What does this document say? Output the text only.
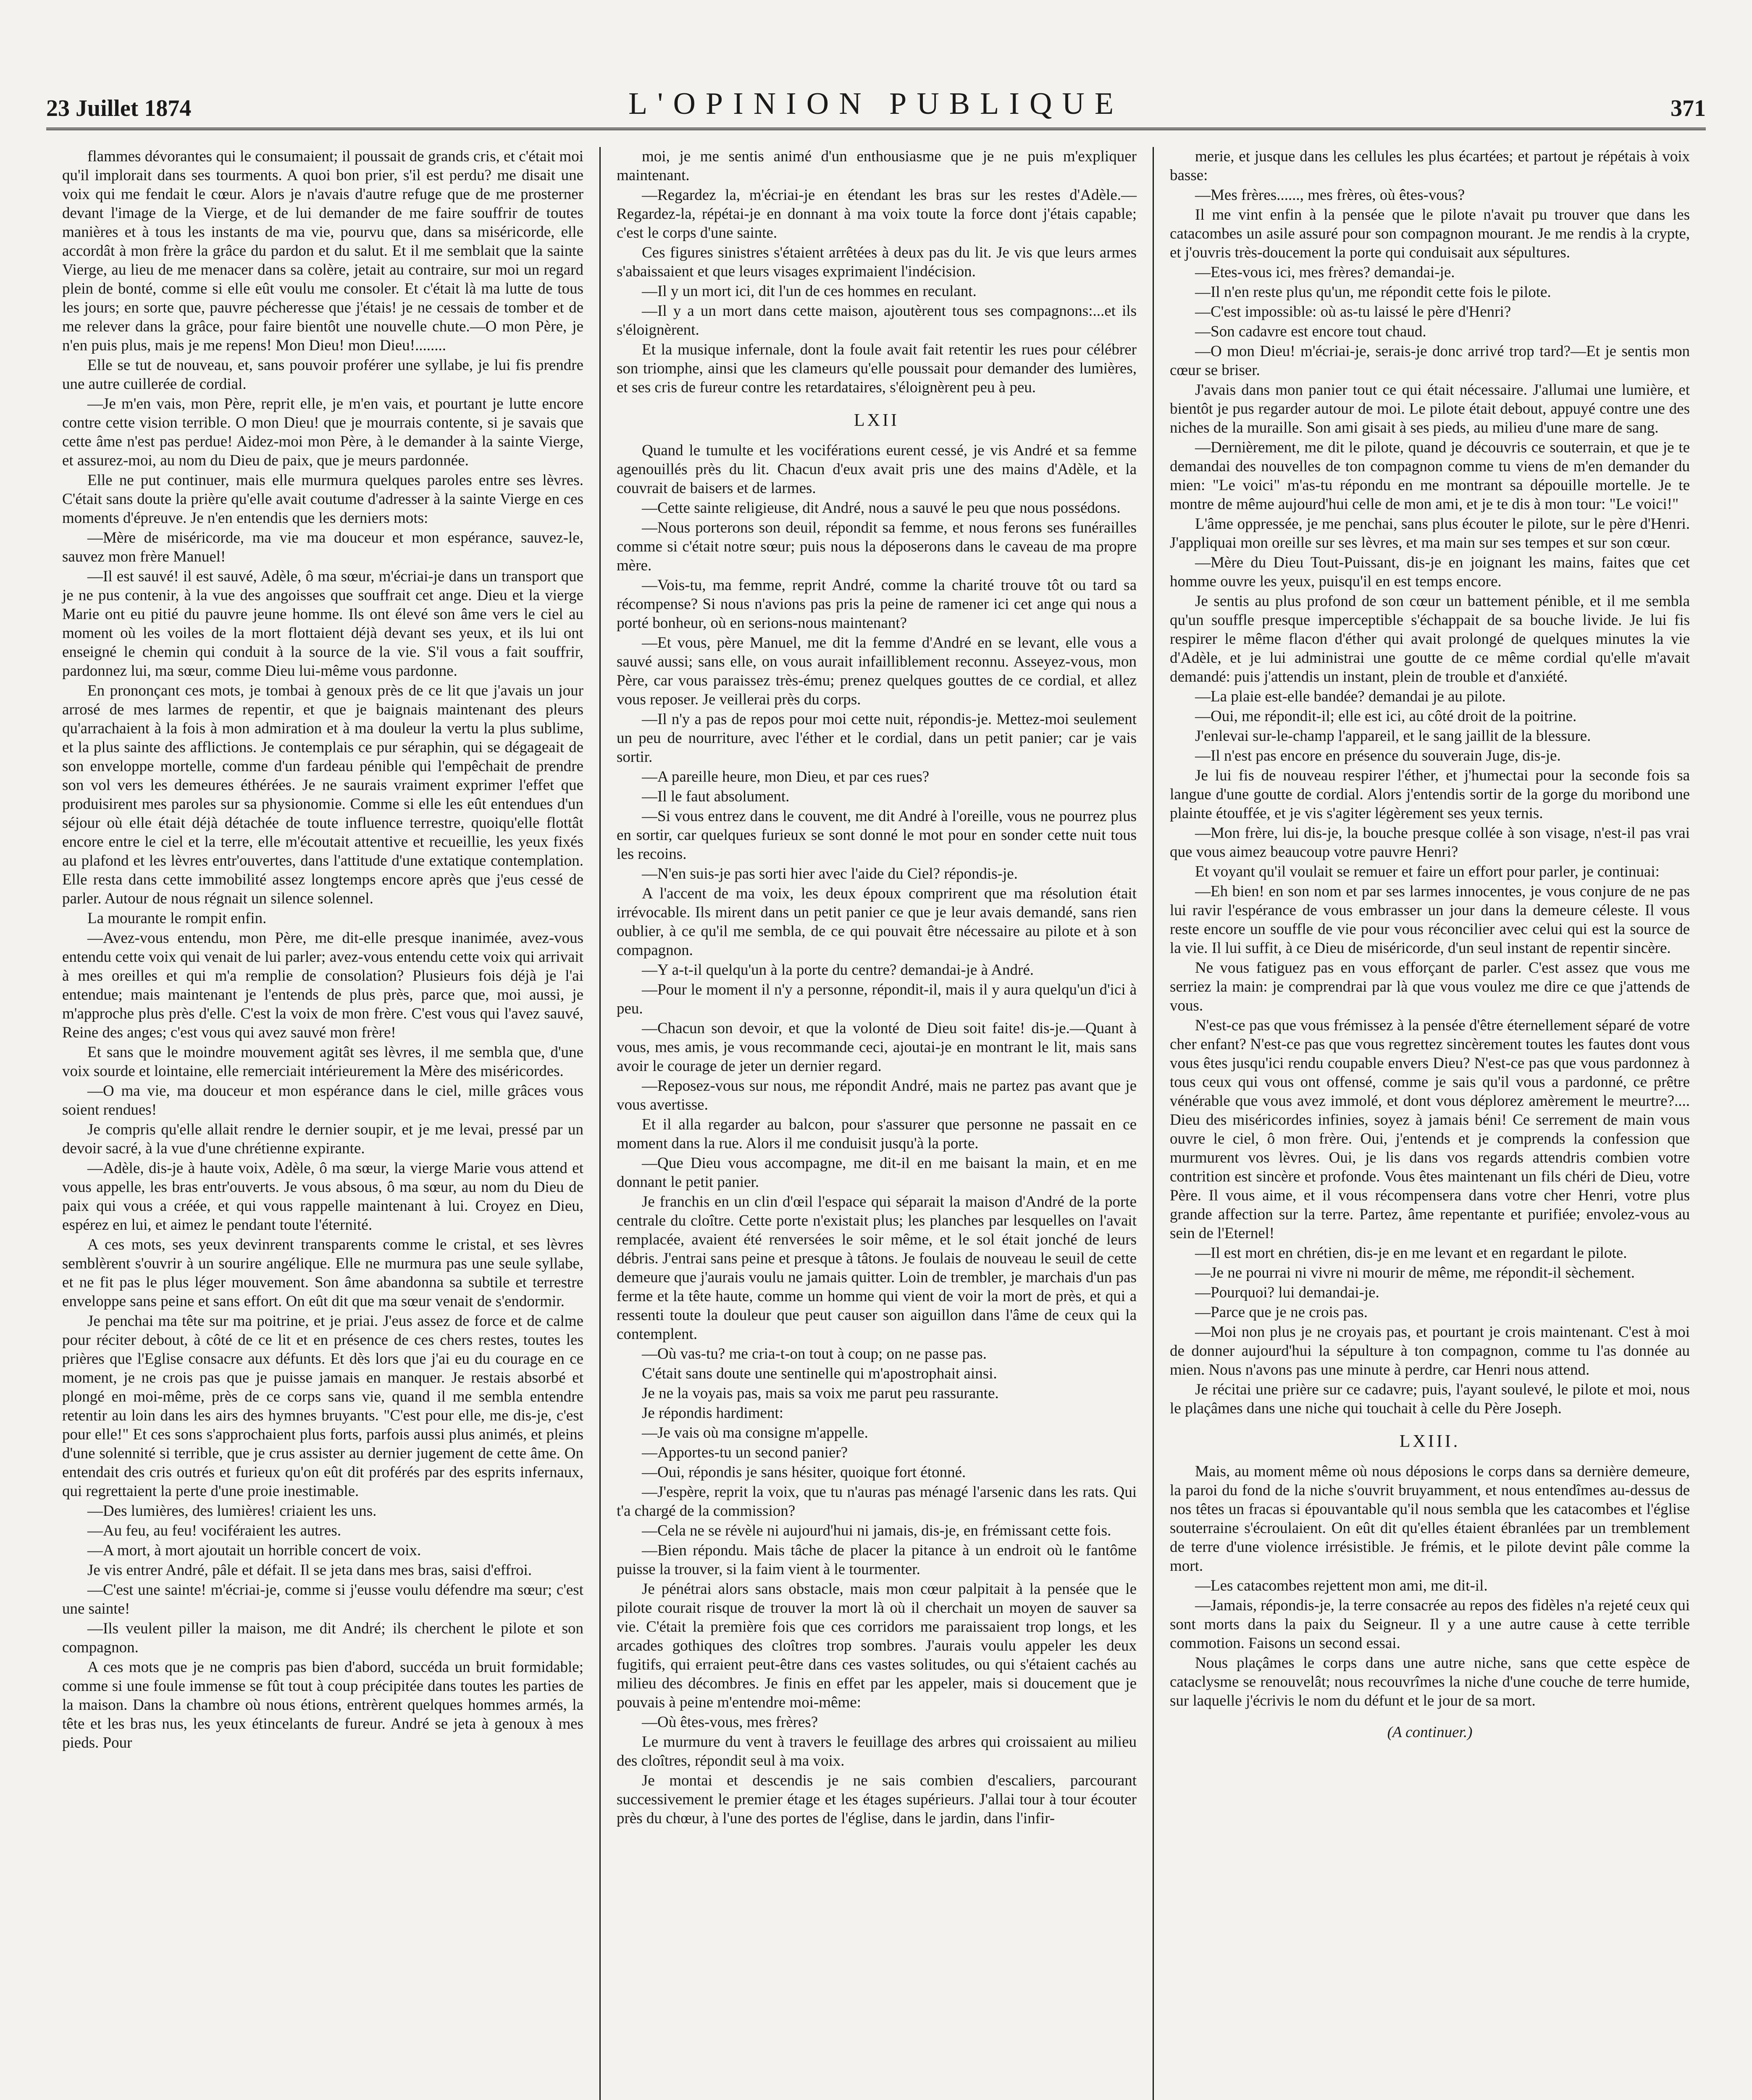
23 Juillet 1874	L'OPINION PUBLIQUE	371

flammes dévorantes qui le consumaient; il poussait de grands cris, et c'était moi qu'il implorait dans ses tourments. A quoi bon prier, s'il est perdu? me disait une voix qui me fendait le cœur. Alors je n'avais d'autre refuge que de me prosterner devant l'image de la Vierge, et de lui demander de me faire souffrir de toutes manières et à tous les instants de ma vie, pourvu que, dans sa miséricorde, elle accordât à mon frère la grâce du pardon et du salut. Et il me semblait que la sainte Vierge, au lieu de me menacer dans sa colère, jetait au contraire, sur moi un regard plein de bonté, comme si elle eût voulu me consoler. Et c'était là ma lutte de tous les jours; en sorte que, pauvre pécheresse que j'étais! je ne cessais de tomber et de me relever dans la grâce, pour faire bientôt une nouvelle chute.—O mon Père, je n'en puis plus, mais je me repens! Mon Dieu! mon Dieu!........

Elle se tut de nouveau, et, sans pouvoir proférer une syllabe, je lui fis prendre une autre cuillerée de cordial.

—Je m'en vais, mon Père, reprit elle, je m'en vais, et pourtant je lutte encore contre cette vision terrible. O mon Dieu! que je mourrais contente, si je savais que cette âme n'est pas perdue! Aidez-moi mon Père, à le demander à la sainte Vierge, et assurez-moi, au nom du Dieu de paix, que je meurs pardonnée.

Elle ne put continuer, mais elle murmura quelques paroles entre ses lèvres. C'était sans doute la prière qu'elle avait coutume d'adresser à la sainte Vierge en ces moments d'épreuve. Je n'en entendis que les derniers mots:

—Mère de miséricorde, ma vie ma douceur et mon espérance, sauvez-le, sauvez mon frère Manuel!

—Il est sauvé! il est sauvé, Adèle, ô ma sœur, m'écriai-je dans un transport que je ne pus contenir, à la vue des angoisses que souffrait cet ange. Dieu et la vierge Marie ont eu pitié du pauvre jeune homme. Ils ont élevé son âme vers le ciel au moment où les voiles de la mort flottaient déjà devant ses yeux, et ils lui ont enseigné le chemin qui conduit à la source de la vie. S'il vous a fait souffrir, pardonnez lui, ma sœur, comme Dieu lui-même vous pardonne.

En prononçant ces mots, je tombai à genoux près de ce lit que j'avais un jour arrosé de mes larmes de repentir, et que je baignais maintenant des pleurs qu'arrachaient à la fois à mon admiration et à ma douleur la vertu la plus sublime, et la plus sainte des afflictions. Je contemplais ce pur séraphin, qui se dégageait de son enveloppe mortelle, comme d'un fardeau pénible qui l'empêchait de prendre son vol vers les demeures éthérées. Je ne saurais vraiment exprimer l'effet que produisirent mes paroles sur sa physionomie. Comme si elle les eût entendues d'un séjour où elle était déjà détachée de toute influence terrestre, quoiqu'elle flottât encore entre le ciel et la terre, elle m'écoutait attentive et recueillie, les yeux fixés au plafond et les lèvres entr'ouvertes, dans l'attitude d'une extatique contemplation. Elle resta dans cette immobilité assez longtemps encore après que j'eus cessé de parler. Autour de nous régnait un silence solennel.

La mourante le rompit enfin.

—Avez-vous entendu, mon Père, me dit-elle presque inanimée, avez-vous entendu cette voix qui venait de lui parler; avez-vous entendu cette voix qui arrivait à mes oreilles et qui m'a remplie de consolation? Plusieurs fois déjà je l'ai entendue; mais maintenant je l'entends de plus près, parce que, moi aussi, je m'approche plus près d'elle. C'est la voix de mon frère. C'est vous qui l'avez sauvé, Reine des anges; c'est vous qui avez sauvé mon frère!

Et sans que le moindre mouvement agitât ses lèvres, il me sembla que, d'une voix sourde et lointaine, elle remerciait intérieurement la Mère des miséricordes.

—O ma vie, ma douceur et mon espérance dans le ciel, mille grâces vous soient rendues!

Je compris qu'elle allait rendre le dernier soupir, et je me levai, pressé par un devoir sacré, à la vue d'une chrétienne expirante.

—Adèle, dis-je à haute voix, Adèle, ô ma sœur, la vierge Marie vous attend et vous appelle, les bras entr'ouverts. Je vous absous, ô ma sœur, au nom du Dieu de paix qui vous a créée, et qui vous rappelle maintenant à lui. Croyez en Dieu, espérez en lui, et aimez le pendant toute l'éternité.

A ces mots, ses yeux devinrent transparents comme le cristal, et ses lèvres semblèrent s'ouvrir à un sourire angélique. Elle ne murmura pas une seule syllabe, et ne fit pas le plus léger mouvement. Son âme abandonna sa subtile et terrestre enveloppe sans peine et sans effort. On eût dit que ma sœur venait de s'endormir.

Je penchai ma tête sur ma poitrine, et je priai. J'eus assez de force et de calme pour réciter debout, à côté de ce lit et en présence de ces chers restes, toutes les prières que l'Eglise consacre aux défunts. Et dès lors que j'ai eu du courage en ce moment, je ne crois pas que je puisse jamais en manquer. Je restais absorbé et plongé en moi-même, près de ce corps sans vie, quand il me sembla entendre retentir au loin dans les airs des hymnes bruyants. "C'est pour elle, me dis-je, c'est pour elle!" Et ces sons s'approchaient plus forts, parfois aussi plus animés, et pleins d'une solennité si terrible, que je crus assister au dernier jugement de cette âme. On entendait des cris outrés et furieux qu'on eût dit proférés par des esprits infernaux, qui regrettaient la perte d'une proie inestimable.

—Des lumières, des lumières! criaient les uns.

—Au feu, au feu! vociféraient les autres.

—A mort, à mort ajoutait un horrible concert de voix.

Je vis entrer André, pâle et défait. Il se jeta dans mes bras, saisi d'effroi.

—C'est une sainte! m'écriai-je, comme si j'eusse voulu défendre ma sœur; c'est une sainte!

—Ils veulent piller la maison, me dit André; ils cherchent le pilote et son compagnon.

A ces mots que je ne compris pas bien d'abord, succéda un bruit formidable; comme si une foule immense se fût tout à coup précipitée dans toutes les parties de la maison. Dans la chambre où nous étions, entrèrent quelques hommes armés, la tête et les bras nus, les yeux étincelants de fureur. André se jeta à genoux à mes pieds. Pour

moi, je me sentis animé d'un enthousiasme que je ne puis m'expliquer maintenant.

—Regardez la, m'écriai-je en étendant les bras sur les restes d'Adèle.—Regardez-la, répétai-je en donnant à ma voix toute la force dont j'étais capable; c'est le corps d'une sainte.

Ces figures sinistres s'étaient arrêtées à deux pas du lit. Je vis que leurs armes s'abaissaient et que leurs visages exprimaient l'indécision.

—Il y un mort ici, dit l'un de ces hommes en reculant.

—Il y a un mort dans cette maison, ajoutèrent tous ses compagnons:...et ils s'éloignèrent.

Et la musique infernale, dont la foule avait fait retentir les rues pour célébrer son triomphe, ainsi que les clameurs qu'elle poussait pour demander des lumières, et ses cris de fureur contre les retardataires, s'éloignèrent peu à peu.

LXII

Quand le tumulte et les vociférations eurent cessé, je vis André et sa femme agenouillés près du lit. Chacun d'eux avait pris une des mains d'Adèle, et la couvrait de baisers et de larmes.

—Cette sainte religieuse, dit André, nous a sauvé le peu que nous possédons.

—Nous porterons son deuil, répondit sa femme, et nous ferons ses funérailles comme si c'était notre sœur; puis nous la déposerons dans le caveau de ma propre mère.

—Vois-tu, ma femme, reprit André, comme la charité trouve tôt ou tard sa récompense? Si nous n'avions pas pris la peine de ramener ici cet ange qui nous a porté bonheur, où en serions-nous maintenant?

—Et vous, père Manuel, me dit la femme d'André en se levant, elle vous a sauvé aussi; sans elle, on vous aurait infailliblement reconnu. Asseyez-vous, mon Père, car vous paraissez très-ému; prenez quelques gouttes de ce cordial, et allez vous reposer. Je veillerai près du corps.

—Il n'y a pas de repos pour moi cette nuit, répondis-je. Mettez-moi seulement un peu de nourriture, avec l'éther et le cordial, dans un petit panier; car je vais sortir.

—A pareille heure, mon Dieu, et par ces rues?

—Il le faut absolument.

—Si vous entrez dans le couvent, me dit André à l'oreille, vous ne pourrez plus en sortir, car quelques furieux se sont donné le mot pour en sonder cette nuit tous les recoins.

—N'en suis-je pas sorti hier avec l'aide du Ciel? répondis-je.

A l'accent de ma voix, les deux époux comprirent que ma résolution était irrévocable. Ils mirent dans un petit panier ce que je leur avais demandé, sans rien oublier, à ce qu'il me sembla, de ce qui pouvait être nécessaire au pilote et à son compagnon.

—Y a-t-il quelqu'un à la porte du centre? demandai-je à André.

—Pour le moment il n'y a personne, répondit-il, mais il y aura quelqu'un d'ici à peu.

—Chacun son devoir, et que la volonté de Dieu soit faite! dis-je.—Quant à vous, mes amis, je vous recommande ceci, ajoutai-je en montrant le lit, mais sans avoir le courage de jeter un dernier regard.

—Reposez-vous sur nous, me répondit André, mais ne partez pas avant que je vous avertisse.

Et il alla regarder au balcon, pour s'assurer que personne ne passait en ce moment dans la rue. Alors il me conduisit jusqu'à la porte.

—Que Dieu vous accompagne, me dit-il en me baisant la main, et en me donnant le petit panier.

Je franchis en un clin d'œil l'espace qui séparait la maison d'André de la porte centrale du cloître. Cette porte n'existait plus; les planches par lesquelles on l'avait remplacée, avaient été renversées le soir même, et le sol était jonché de leurs débris. J'entrai sans peine et presque à tâtons. Je foulais de nouveau le seuil de cette demeure que j'aurais voulu ne jamais quitter. Loin de trembler, je marchais d'un pas ferme et la tête haute, comme un homme qui vient de voir la mort de près, et qui a ressenti toute la douleur que peut causer son aiguillon dans l'âme de ceux qui la contemplent.

—Où vas-tu? me cria-t-on tout à coup; on ne passe pas.

C'était sans doute une sentinelle qui m'apostrophait ainsi.

Je ne la voyais pas, mais sa voix me parut peu rassurante.

Je répondis hardiment:

—Je vais où ma consigne m'appelle.

—Apportes-tu un second panier?

—Oui, répondis je sans hésiter, quoique fort étonné.

—J'espère, reprit la voix, que tu n'auras pas ménagé l'arsenic dans les rats. Qui t'a chargé de la commission?

—Cela ne se révèle ni aujourd'hui ni jamais, dis-je, en frémissant cette fois.

—Bien répondu. Mais tâche de placer la pitance à un endroit où le fantôme puisse la trouver, si la faim vient à le tourmenter.

Je pénétrai alors sans obstacle, mais mon cœur palpitait à la pensée que le pilote courait risque de trouver la mort là où il cherchait un moyen de sauver sa vie. C'était la première fois que ces corridors me paraissaient trop longs, et les arcades gothiques des cloîtres trop sombres. J'aurais voulu appeler les deux fugitifs, qui erraient peut-être dans ces vastes solitudes, ou qui s'étaient cachés au milieu des décombres. Je finis en effet par les appeler, mais si doucement que je pouvais à peine m'entendre moi-même:

—Où êtes-vous, mes frères?

Le murmure du vent à travers le feuillage des arbres qui croissaient au milieu des cloîtres, répondit seul à ma voix.

Je montai et descendis je ne sais combien d'escaliers, parcourant successivement le premier étage et les étages supérieurs. J'allai tour à tour écouter près du chœur, à l'une des portes de l'église, dans le jardin, dans l'infir-

merie, et jusque dans les cellules les plus écartées; et partout je répétais à voix basse:

—Mes frères......, mes frères, où êtes-vous?

Il me vint enfin à la pensée que le pilote n'avait pu trouver que dans les catacombes un asile assuré pour son compagnon mourant. Je me rendis à la crypte, et j'ouvris très-doucement la porte qui conduisait aux sépultures.

—Etes-vous ici, mes frères? demandai-je.

—Il n'en reste plus qu'un, me répondit cette fois le pilote.

—C'est impossible: où as-tu laissé le père d'Henri?

—Son cadavre est encore tout chaud.

—O mon Dieu! m'écriai-je, serais-je donc arrivé trop tard?—Et je sentis mon cœur se briser.

J'avais dans mon panier tout ce qui était nécessaire. J'allumai une lumière, et bientôt je pus regarder autour de moi. Le pilote était debout, appuyé contre une des niches de la muraille. Son ami gisait à ses pieds, au milieu d'une mare de sang.

—Dernièrement, me dit le pilote, quand je découvris ce souterrain, et que je te demandai des nouvelles de ton compagnon comme tu viens de m'en demander du mien: "Le voici" m'as-tu répondu en me montrant sa dépouille mortelle. Je te montre de même aujourd'hui celle de mon ami, et je te dis à mon tour: "Le voici!"

L'âme oppressée, je me penchai, sans plus écouter le pilote, sur le père d'Henri. J'appliquai mon oreille sur ses lèvres, et ma main sur ses tempes et sur son cœur.

—Mère du Dieu Tout-Puissant, dis-je en joignant les mains, faites que cet homme ouvre les yeux, puisqu'il en est temps encore.

Je sentis au plus profond de son cœur un battement pénible, et il me sembla qu'un souffle presque imperceptible s'échappait de sa bouche livide. Je lui fis respirer le même flacon d'éther qui avait prolongé de quelques minutes la vie d'Adèle, et je lui administrai une goutte de ce même cordial qu'elle m'avait demandé: puis j'attendis un instant, plein de trouble et d'anxiété.

—La plaie est-elle bandée? demandai je au pilote.

—Oui, me répondit-il; elle est ici, au côté droit de la poitrine.

J'enlevai sur-le-champ l'appareil, et le sang jaillit de la blessure.

—Il n'est pas encore en présence du souverain Juge, dis-je.

Je lui fis de nouveau respirer l'éther, et j'humectai pour la seconde fois sa langue d'une goutte de cordial. Alors j'entendis sortir de la gorge du moribond une plainte étouffée, et je vis s'agiter légèrement ses yeux ternis.

—Mon frère, lui dis-je, la bouche presque collée à son visage, n'est-il pas vrai que vous aimez beaucoup votre pauvre Henri?

Et voyant qu'il voulait se remuer et faire un effort pour parler, je continuai:

—Eh bien! en son nom et par ses larmes innocentes, je vous conjure de ne pas lui ravir l'espérance de vous embrasser un jour dans la demeure céleste. Il vous reste encore un souffle de vie pour vous réconcilier avec celui qui est la source de la vie. Il lui suffit, à ce Dieu de miséricorde, d'un seul instant de repentir sincère.

Ne vous fatiguez pas en vous efforçant de parler. C'est assez que vous me serriez la main: je comprendrai par là que vous voulez me dire ce que j'attends de vous.

N'est-ce pas que vous frémissez à la pensée d'être éternellement séparé de votre cher enfant? N'est-ce pas que vous regrettez sincèrement toutes les fautes dont vous vous êtes jusqu'ici rendu coupable envers Dieu? N'est-ce pas que vous pardonnez à tous ceux qui vous ont offensé, comme je sais qu'il vous a pardonné, ce prêtre vénérable que vous avez immolé, et dont vous déplorez amèrement le meurtre?.... Dieu des miséricordes infinies, soyez à jamais béni! Ce serrement de main vous ouvre le ciel, ô mon frère. Oui, j'entends et je comprends la confession que murmurent vos lèvres. Oui, je lis dans vos regards attendris combien votre contrition est sincère et profonde. Vous êtes maintenant un fils chéri de Dieu, votre Père. Il vous aime, et il vous récompensera dans votre cher Henri, votre plus grande affection sur la terre. Partez, âme repentante et purifiée; envolez-vous au sein de l'Eternel!

—Il est mort en chrétien, dis-je en me levant et en regardant le pilote.

—Je ne pourrai ni vivre ni mourir de même, me répondit-il sèchement.

—Pourquoi? lui demandai-je.

—Parce que je ne crois pas.

—Moi non plus je ne croyais pas, et pourtant je crois maintenant. C'est à moi de donner aujourd'hui la sépulture à ton compagnon, comme tu l'as donnée au mien. Nous n'avons pas une minute à perdre, car Henri nous attend.

Je récitai une prière sur ce cadavre; puis, l'ayant soulevé, le pilote et moi, nous le plaçâmes dans une niche qui touchait à celle du Père Joseph.

LXIII.

Mais, au moment même où nous déposions le corps dans sa dernière demeure, la paroi du fond de la niche s'ouvrit bruyamment, et nous entendîmes au-dessus de nos têtes un fracas si épouvantable qu'il nous sembla que les catacombes et l'église souterraine s'écroulaient. On eût dit qu'elles étaient ébranlées par un tremblement de terre d'une violence irrésistible. Je frémis, et le pilote devint pâle comme la mort.

—Les catacombes rejettent mon ami, me dit-il.

—Jamais, répondis-je, la terre consacrée au repos des fidèles n'a rejeté ceux qui sont morts dans la paix du Seigneur. Il y a une autre cause à cette terrible commotion. Faisons un second essai.

Nous plaçâmes le corps dans une autre niche, sans que cette espèce de cataclysme se renouvelât; nous recouvrîmes la niche d'une couche de terre humide, sur laquelle j'écrivis le nom du défunt et le jour de sa mort.

(A continuer.)
